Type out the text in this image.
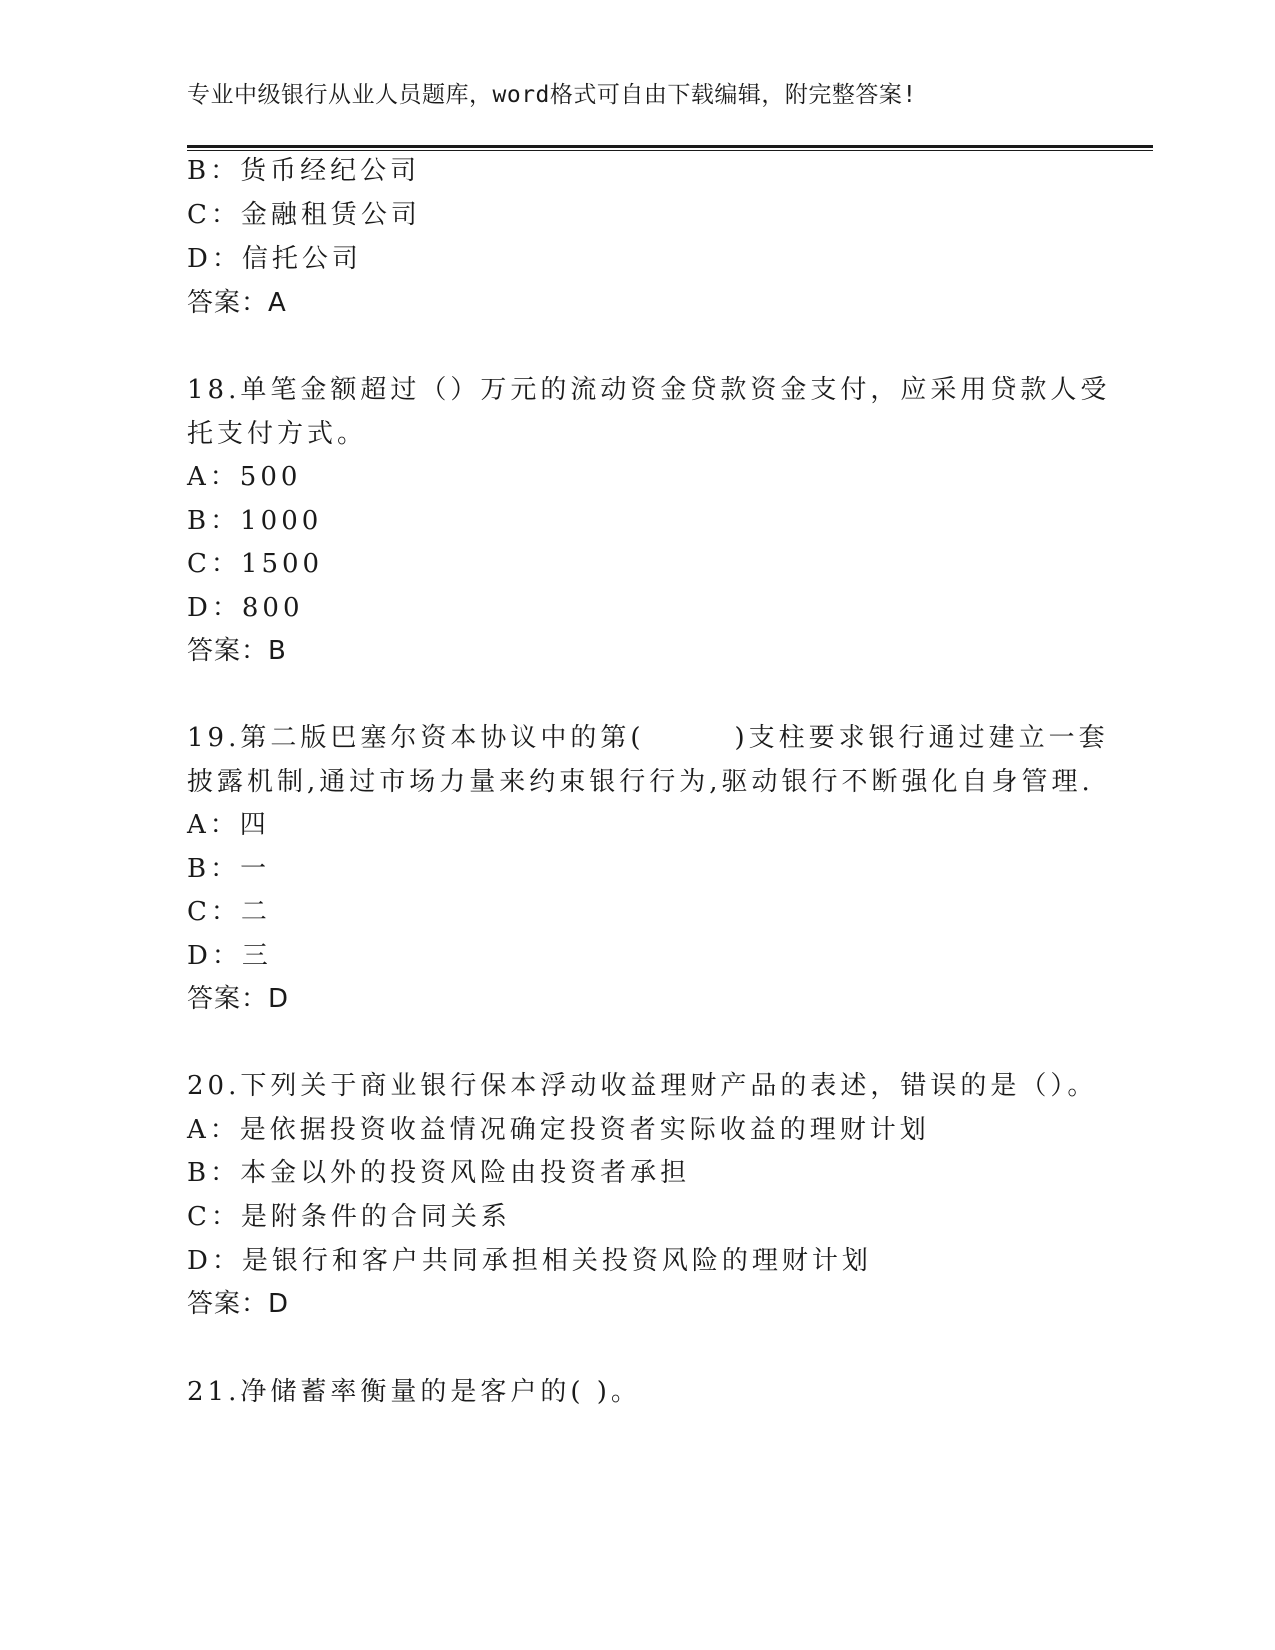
专业中级银行从业人员题库，word格式可自由下载编辑，附完整答案!
B：货币经纪公司
C：金融租赁公司
D：信托公司
答案：A
18.单笔金额超过（）万元的流动资金贷款资金支付，应采用贷款人受
托支付方式。
A：500
B：1000
C：1500
D：800
答案：B
19.第二版巴塞尔资本协议中的第(　　　)支柱要求银行通过建立一套
披露机制,通过市场力量来约束银行行为,驱动银行不断强化自身管理.
A：四
B：一
C：二
D：三
答案：D
20.下列关于商业银行保本浮动收益理财产品的表述，错误的是（）。
A：是依据投资收益情况确定投资者实际收益的理财计划
B：本金以外的投资风险由投资者承担
C：是附条件的合同关系
D：是银行和客户共同承担相关投资风险的理财计划
答案：D
21.净储蓄率衡量的是客户的( )。
